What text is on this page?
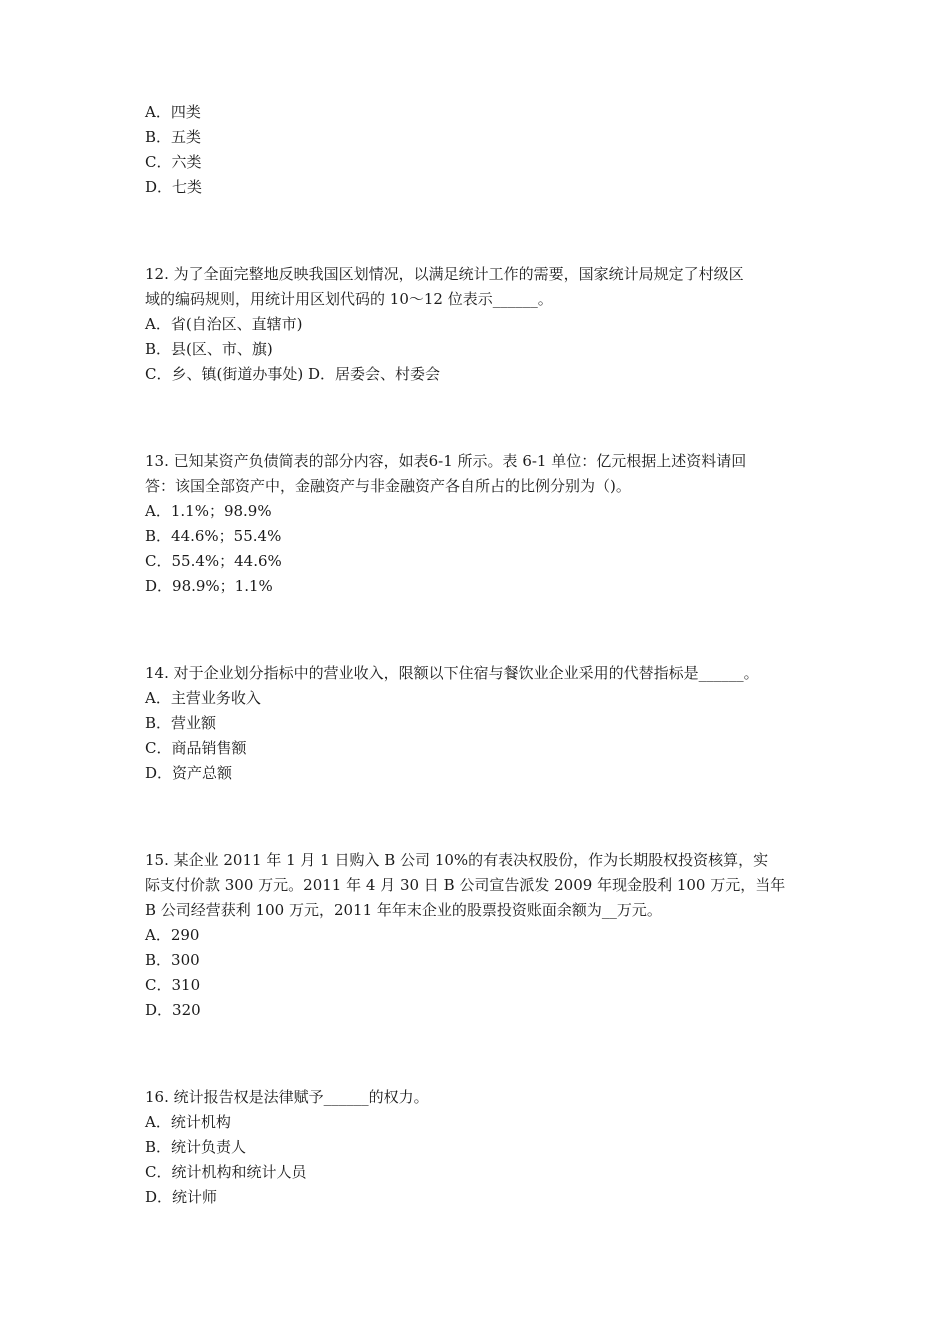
A．四类
B．五类
C．六类
D．七类
12. 为了全面完整地反映我国区划情况，以满足统计工作的需要，国家统计局规定了村级区
域的编码规则，用统计用区划代码的 10～12 位表示______。
A．省(自治区、直辖市)
B．县(区、市、旗)
C．乡、镇(街道办事处) D．居委会、村委会
13. 已知某资产负债简表的部分内容，如表6-1 所示。表 6-1 单位：亿元根据上述资料请回
答：该国全部资产中，金融资产与非金融资产各自所占的比例分别为（)。
A．1.1%；98.9%
B．44.6%；55.4%
C．55.4%；44.6%
D．98.9%；1.1%
14. 对于企业划分指标中的营业收入，限额以下住宿与餐饮业企业采用的代替指标是______。
A．主营业务收入
B．营业额
C．商品销售额
D．资产总额
15. 某企业 2011 年 1 月 1 日购入 B 公司 10%的有表决权股份，作为长期股权投资核算，实
际支付价款 300 万元。2011 年 4 月 30 日 B 公司宣告派发 2009 年现金股利 100 万元，当年
B 公司经营获利 100 万元，2011 年年末企业的股票投资账面余额为__万元。
A．290
B．300
C．310
D．320
16. 统计报告权是法律赋予______的权力。
A．统计机构
B．统计负责人
C．统计机构和统计人员
D．统计师
